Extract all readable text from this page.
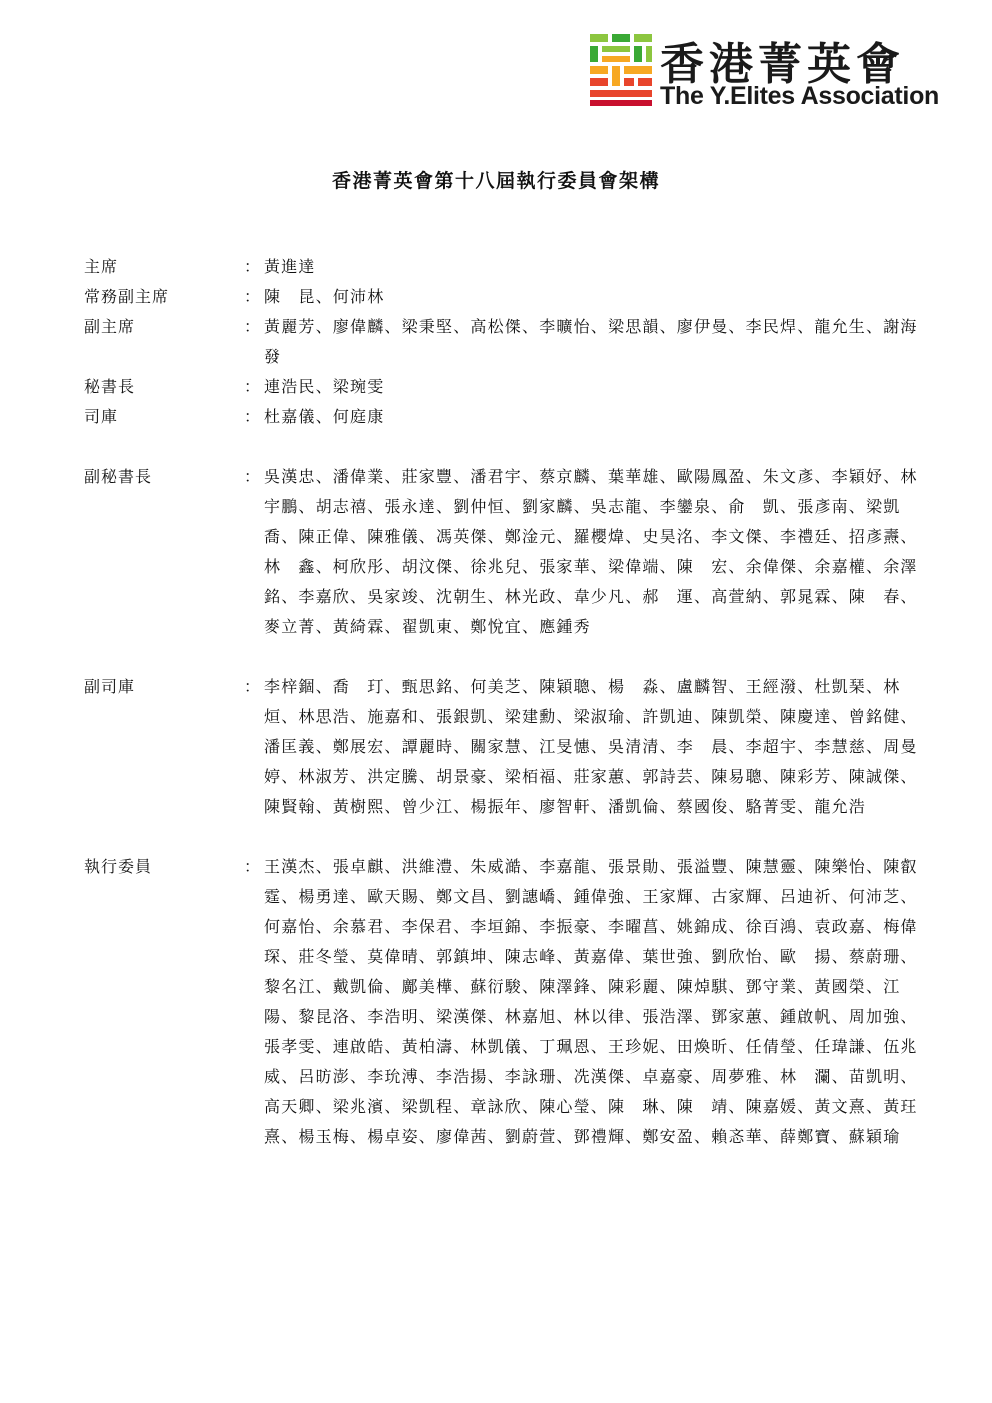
香港菁英會
The Y.Elites Association
香港菁英會第十八屆執行委員會架構
主席	： 黃進達
常務副主席	： 陳　昆、何沛林
副主席	： 黃麗芳、廖偉麟、梁秉堅、高松傑、李曠怡、梁思韻、廖伊曼、李民焊、龍允生、謝海發
秘書長	： 連浩民、梁琬雯
司庫	： 杜嘉儀、何庭康
副秘書長	： 吳漢忠、潘偉業、莊家豐、潘君宇、蔡京麟、葉華雄、歐陽鳳盈、朱文彥、李穎妤、林宇鵬、胡志禧、張永達、劉仲恒、劉家麟、吳志龍、李鑾泉、俞　凱、張彥南、梁凱喬、陳正偉、陳雅儀、馮英傑、鄭淦元、羅櫻煒、史昊洺、李文傑、李禮廷、招彥燾、林　鑫、柯欣彤、胡汶傑、徐兆兒、張家華、梁偉端、陳　宏、余偉傑、余嘉權、余澤銘、李嘉欣、吳家竣、沈朝生、林光政、韋少凡、郝　運、高萱納、郭晁霖、陳　春、麥立菁、黃綺霖、翟凱東、鄭悅宜、應鍾秀
副司庫	： 李梓錮、喬　玎、甄思銘、何美芝、陳穎聰、楊　淼、盧麟智、王經潑、杜凱琹、林　烜、林思浩、施嘉和、張銀凱、梁建勳、梁淑瑜、許凱迪、陳凱榮、陳慶達、曾銘健、潘匡義、鄭展宏、譚麗時、關家慧、江旻憓、吳清清、李　晨、李超宇、李慧慈、周曼婷、林淑芳、洪定騰、胡景豪、梁栢福、莊家蕙、郭詩芸、陳易聰、陳彩芳、陳誠傑、陳賢翰、黃樹熙、曾少江、楊振年、廖智軒、潘凱倫、蔡國俊、駱菁雯、龍允浩
執行委員	： 王漢杰、張卓麒、洪維澧、朱威澔、李嘉龍、張景勛、張溢豐、陳慧靈、陳樂怡、陳叡霆、楊勇達、歐天賜、鄭文昌、劉譓嶠、鍾偉強、王家輝、古家輝、呂迪祈、何沛芝、何嘉怡、余慕君、李保君、李垣錦、李振豪、李曜菖、姚錦成、徐百鴻、袁政嘉、梅偉琛、莊冬瑩、莫偉晴、郭鎮坤、陳志峰、黃嘉偉、葉世強、劉欣怡、歐　揚、蔡蔚珊、黎名江、戴凱倫、鄺美樺、蘇衍駿、陳澤鋒、陳彩麗、陳焯騏、鄧守業、黃國榮、江　陽、黎昆洛、李浩明、梁漢傑、林嘉旭、林以律、張浩澤、鄧家蕙、鍾啟帆、周加強、張孝雯、連啟皓、黃柏濤、林凱儀、丁珮恩、王珍妮、田煥昕、任倩瑩、任瑋謙、伍兆威、呂昉澎、李玧溥、李浩揚、李詠珊、冼漢傑、卓嘉豪、周夢雅、林　瀾、苗凱明、高天卿、梁兆濱、梁凱程、章詠欣、陳心瑩、陳　琳、陳　靖、陳嘉媛、黃文熹、黃玨熹、楊玉梅、楊卓姿、廖偉茜、劉蔚萱、鄧禮輝、鄭安盈、賴忞華、薛鄭寶、蘇穎瑜
